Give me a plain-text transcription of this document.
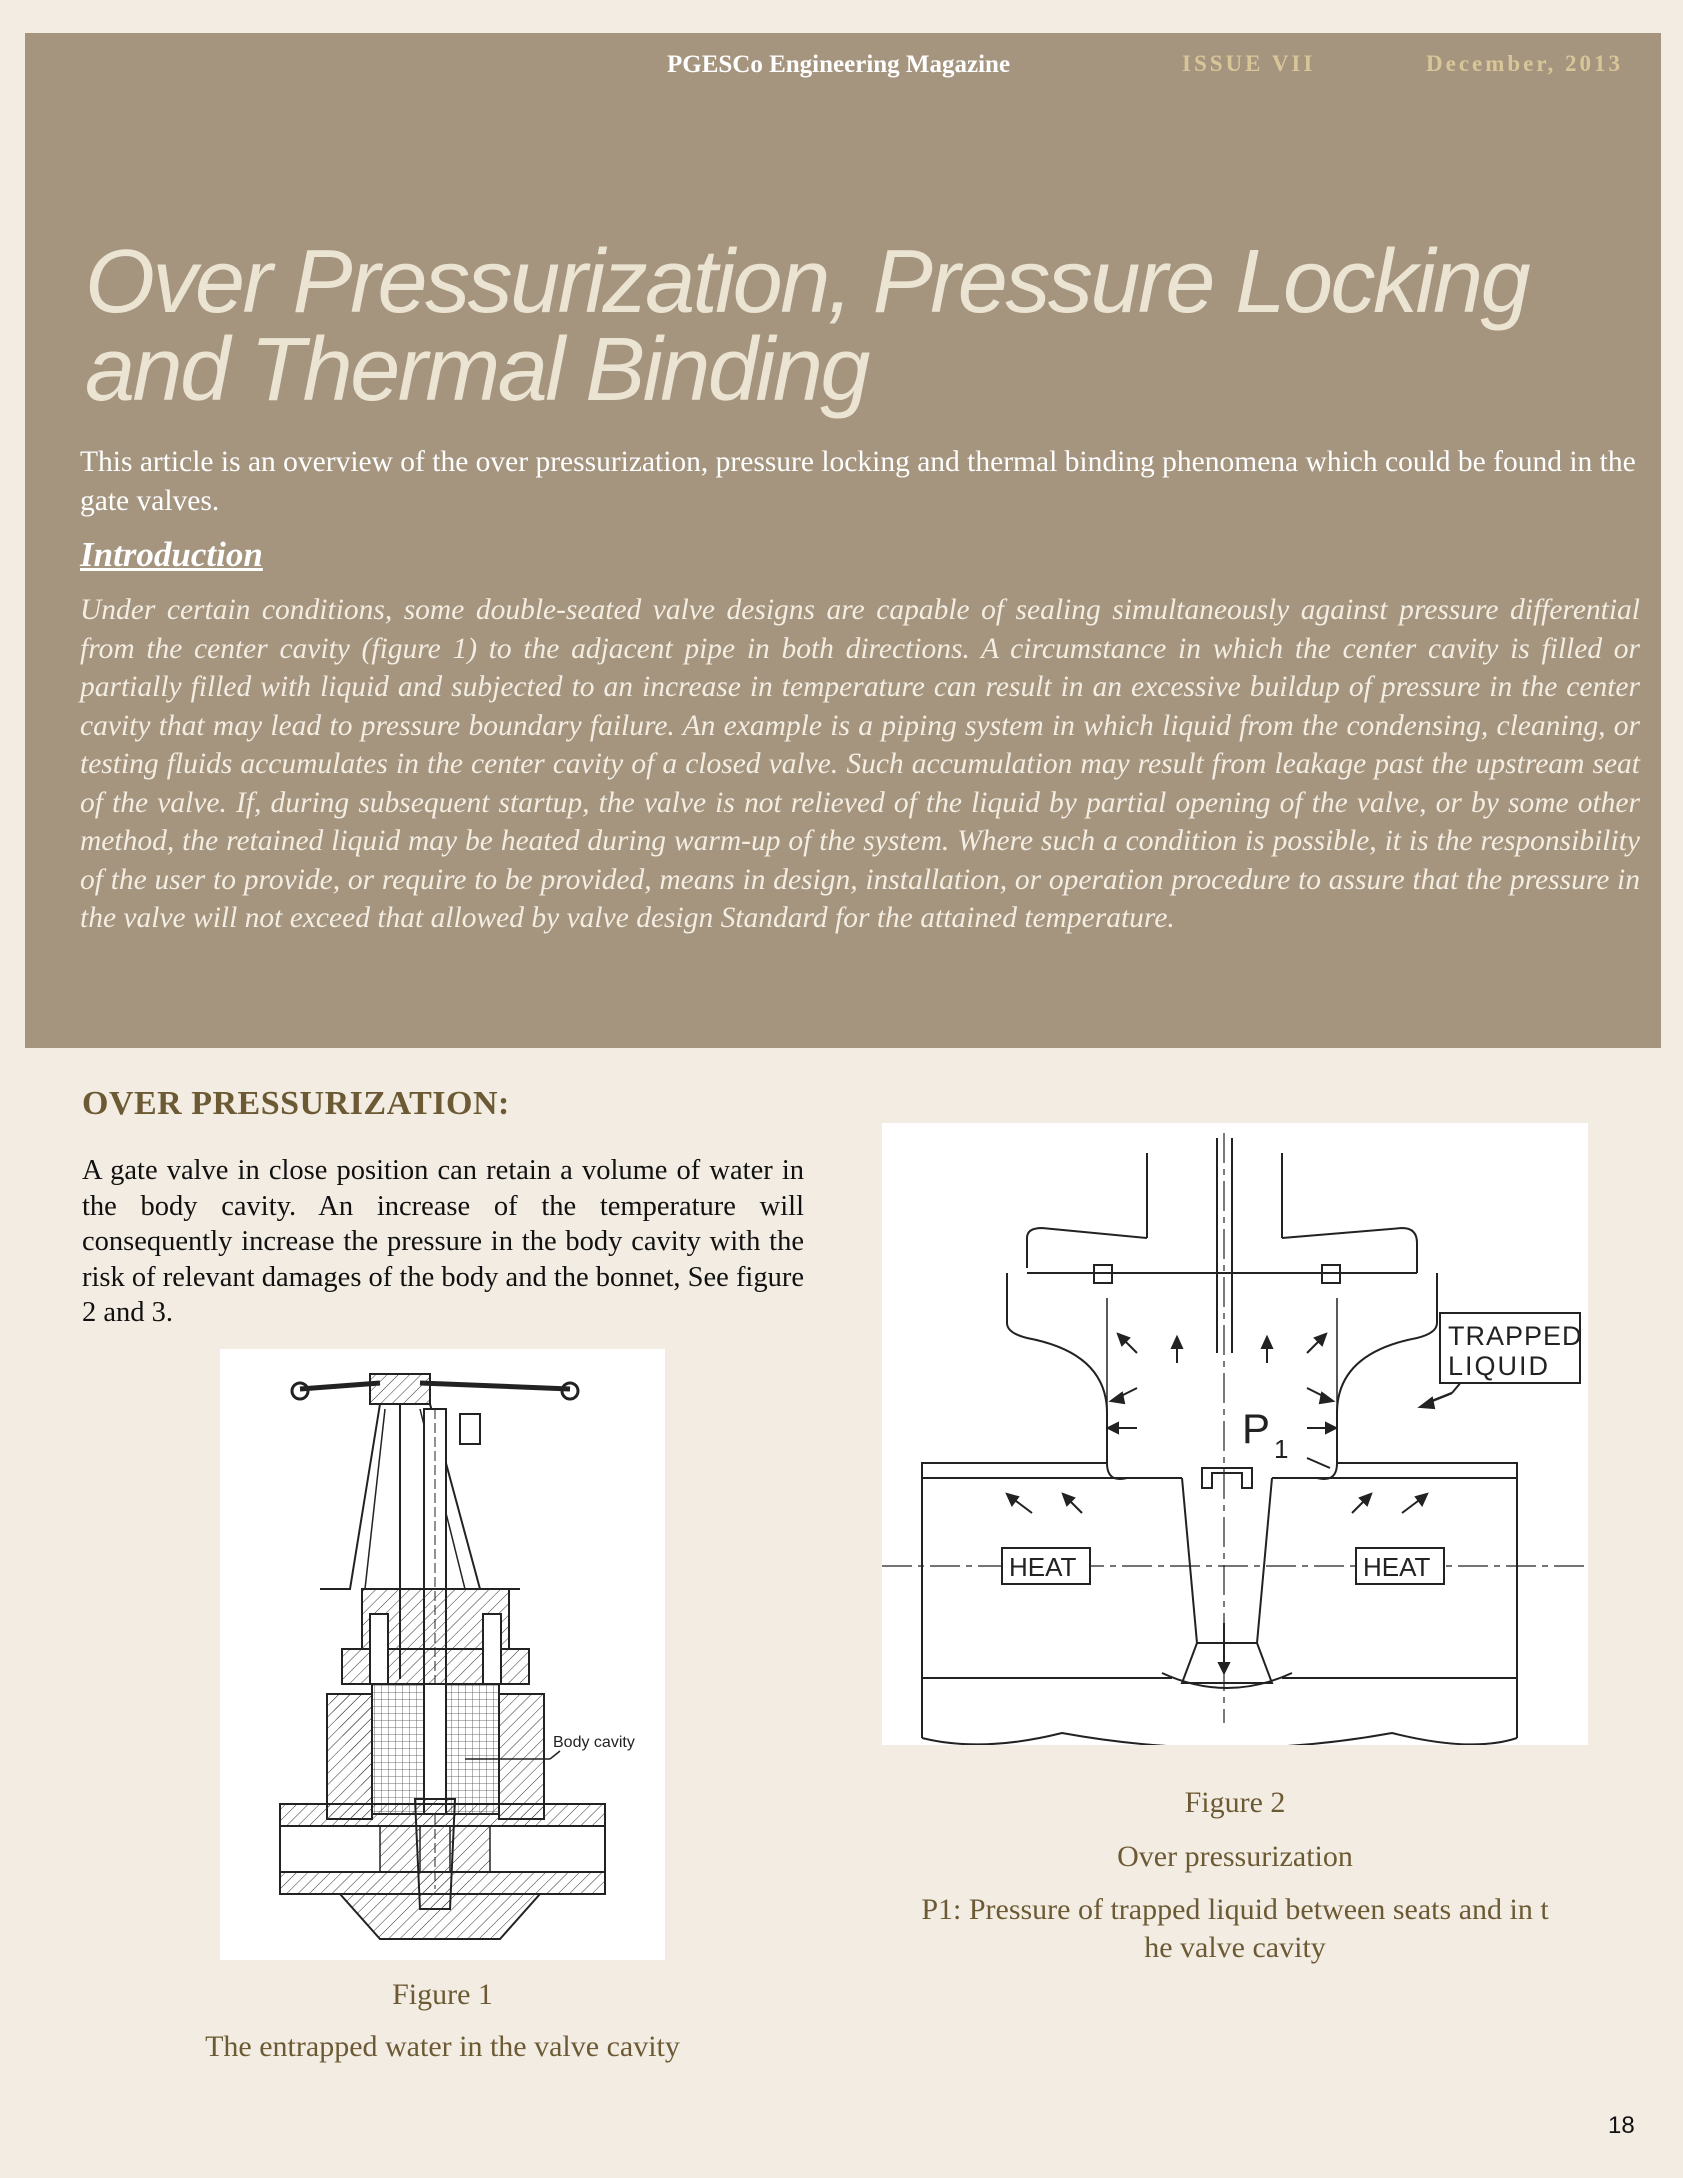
PGESCo Engineering Magazine	ISSUE VII	December, 2013
Over Pressurization, Pressure Locking and Thermal Binding

This article is an overview of the over pressurization, pressure locking and thermal binding phenomena which could be found in the gate valves.

Introduction

Under certain conditions, some double-seated valve designs are capable of sealing simultaneously against pressure differential from the center cavity (figure 1) to the adjacent pipe in both directions. A circumstance in which the center cavity is filled or partially filled with liquid and subjected to an increase in temperature can result in an excessive buildup of pressure in the center cavity that may lead to pressure boundary failure. An example is a piping system in which liquid from the condensing, cleaning, or testing fluids accumulates in the center cavity of a closed valve. Such accumulation may result from leakage past the upstream seat of the valve. If, during subsequent startup, the valve is not relieved of the liquid by partial opening of the valve, or by some other method, the retained liquid may be heated during warm-up of the system. Where such a condition is possible, it is the responsibility of the user to provide, or require to be provided, means in design, installation, or operation procedure to assure that the pressure in the valve will not exceed that allowed by valve design Standard for the attained temperature.

OVER PRESSURIZATION:

A gate valve in close position can retain a volume of water in the body cavity. An increase of the temperature will consequently increase the pressure in the body cavity with the risk of relevant damages of the body and the bonnet, See figure 2 and 3.

Body cavity

Figure 1

The entrapped water in the valve cavity

TRAPPED
LIQUID
HEAT	HEAT
P 1

Figure 2

Over pressurization

P1: Pressure of trapped liquid between seats and in t

he valve cavity

18
